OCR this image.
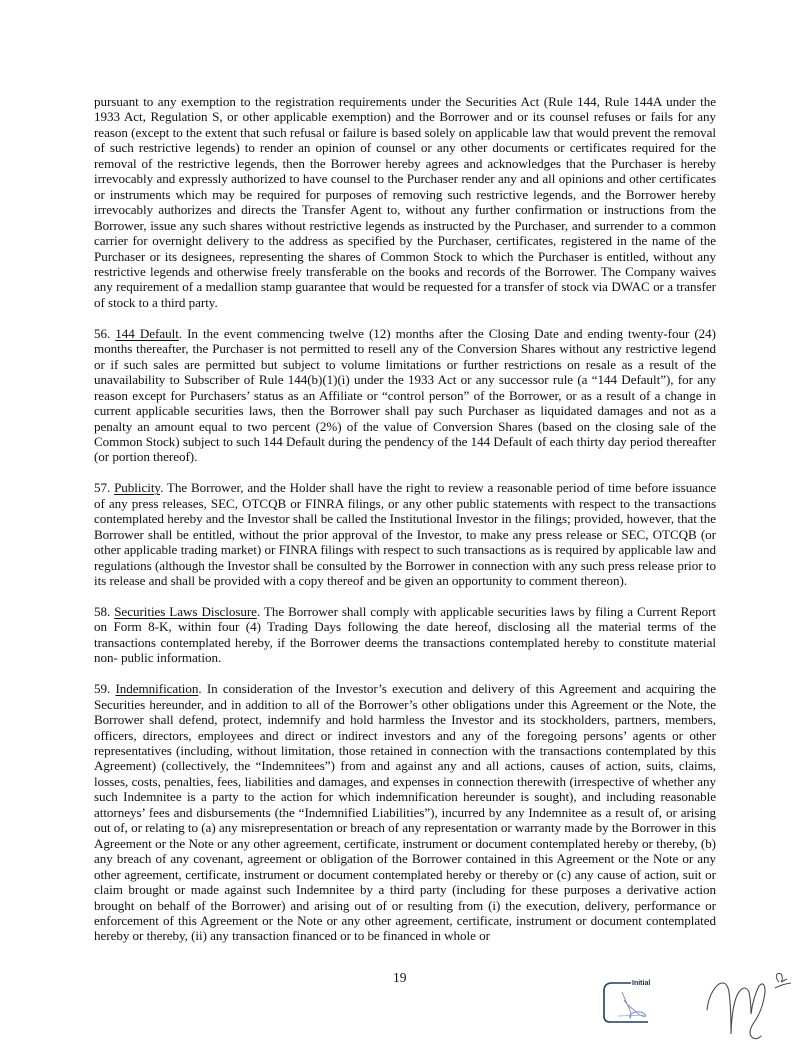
pursuant to any exemption to the registration requirements under the Securities Act (Rule 144, Rule 144A under the 1933 Act, Regulation S, or other applicable exemption) and the Borrower and or its counsel refuses or fails for any reason (except to the extent that such refusal or failure is based solely on applicable law that would prevent the removal of such restrictive legends) to render an opinion of counsel or any other documents or certificates required for the removal of the restrictive legends, then the Borrower hereby agrees and acknowledges that the Purchaser is hereby irrevocably and expressly authorized to have counsel to the Purchaser render any and all opinions and other certificates or instruments which may be required for purposes of removing such restrictive legends, and the Borrower hereby irrevocably authorizes and directs the Transfer Agent to, without any further confirmation or instructions from the Borrower, issue any such shares without restrictive legends as instructed by the Purchaser, and surrender to a common carrier for overnight delivery to the address as specified by the Purchaser, certificates, registered in the name of the Purchaser or its designees, representing the shares of Common Stock to which the Purchaser is entitled, without any restrictive legends and otherwise freely transferable on the books and records of the Borrower. The Company waives any requirement of a medallion stamp guarantee that would be requested for a transfer of stock via DWAC or a transfer of stock to a third party.

56. 144 Default. In the event commencing twelve (12) months after the Closing Date and ending twenty-four (24) months thereafter, the Purchaser is not permitted to resell any of the Conversion Shares without any restrictive legend or if such sales are permitted but subject to volume limitations or further restrictions on resale as a result of the unavailability to Subscriber of Rule 144(b)(1)(i) under the 1933 Act or any successor rule (a “144 Default”), for any reason except for Purchasers’ status as an Affiliate or “control person” of the Borrower, or as a result of a change in current applicable securities laws, then the Borrower shall pay such Purchaser as liquidated damages and not as a penalty an amount equal to two percent (2%) of the value of Conversion Shares (based on the closing sale of the Common Stock) subject to such 144 Default during the pendency of the 144 Default of each thirty day period thereafter (or portion thereof).

57. Publicity. The Borrower, and the Holder shall have the right to review a reasonable period of time before issuance of any press releases, SEC, OTCQB or FINRA filings, or any other public statements with respect to the transactions contemplated hereby and the Investor shall be called the Institutional Investor in the filings; provided, however, that the Borrower shall be entitled, without the prior approval of the Investor, to make any press release or SEC, OTCQB (or other applicable trading market) or FINRA filings with respect to such transactions as is required by applicable law and regulations (although the Investor shall be consulted by the Borrower in connection with any such press release prior to its release and shall be provided with a copy thereof and be given an opportunity to comment thereon).

58. Securities Laws Disclosure. The Borrower shall comply with applicable securities laws by filing a Current Report on Form 8-K, within four (4) Trading Days following the date hereof, disclosing all the material terms of the transactions contemplated hereby, if the Borrower deems the transactions contemplated hereby to constitute material non- public information.

59. Indemnification. In consideration of the Investor’s execution and delivery of this Agreement and acquiring the Securities hereunder, and in addition to all of the Borrower’s other obligations under this Agreement or the Note, the Borrower shall defend, protect, indemnify and hold harmless the Investor and its stockholders, partners, members, officers, directors, employees and direct or indirect investors and any of the foregoing persons’ agents or other representatives (including, without limitation, those retained in connection with the transactions contemplated by this Agreement) (collectively, the “Indemnitees”) from and against any and all actions, causes of action, suits, claims, losses, costs, penalties, fees, liabilities and damages, and expenses in connection therewith (irrespective of whether any such Indemnitee is a party to the action for which indemnification hereunder is sought), and including reasonable attorneys’ fees and disbursements (the “Indemnified Liabilities”), incurred by any Indemnitee as a result of, or arising out of, or relating to (a) any misrepresentation or breach of any representation or warranty made by the Borrower in this Agreement or the Note or any other agreement, certificate, instrument or document contemplated hereby or thereby, (b) any breach of any covenant, agreement or obligation of the Borrower contained in this Agreement or the Note or any other agreement, certificate, instrument or document contemplated hereby or thereby or (c) any cause of action, suit or claim brought or made against such Indemnitee by a third party (including for these purposes a derivative action brought on behalf of the Borrower) and arising out of or resulting from (i) the execution, delivery, performance or enforcement of this Agreement or the Note or any other agreement, certificate, instrument or document contemplated hereby or thereby, (ii) any transaction financed or to be financed in whole or

19	Initial
